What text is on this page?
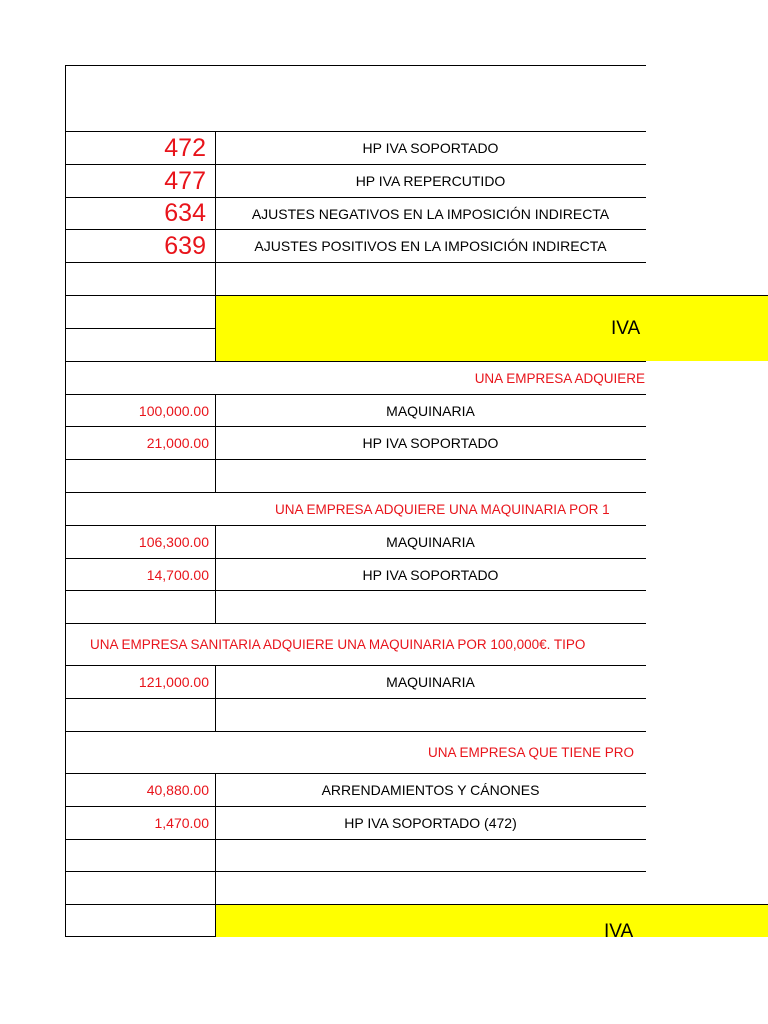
IVA
IVA
472	HP IVA SOPORTADO
477	HP IVA REPERCUTIDO
634	AJUSTES NEGATIVOS EN LA IMPOSICIÓN INDIRECTA
639	AJUSTES POSITIVOS EN LA IMPOSICIÓN INDIRECTA
UNA EMPRESA ADQUIERE
100,000.00	MAQUINARIA
21,000.00	HP IVA SOPORTADO
UNA EMPRESA ADQUIERE UNA MAQUINARIA POR 1
106,300.00	MAQUINARIA
14,700.00	HP IVA SOPORTADO
UNA EMPRESA SANITARIA ADQUIERE UNA MAQUINARIA POR 100,000€. TIPO
121,000.00	MAQUINARIA
UNA EMPRESA QUE TIENE PRO
40,880.00	ARRENDAMIENTOS Y CÁNONES
1,470.00	HP IVA SOPORTADO (472)
